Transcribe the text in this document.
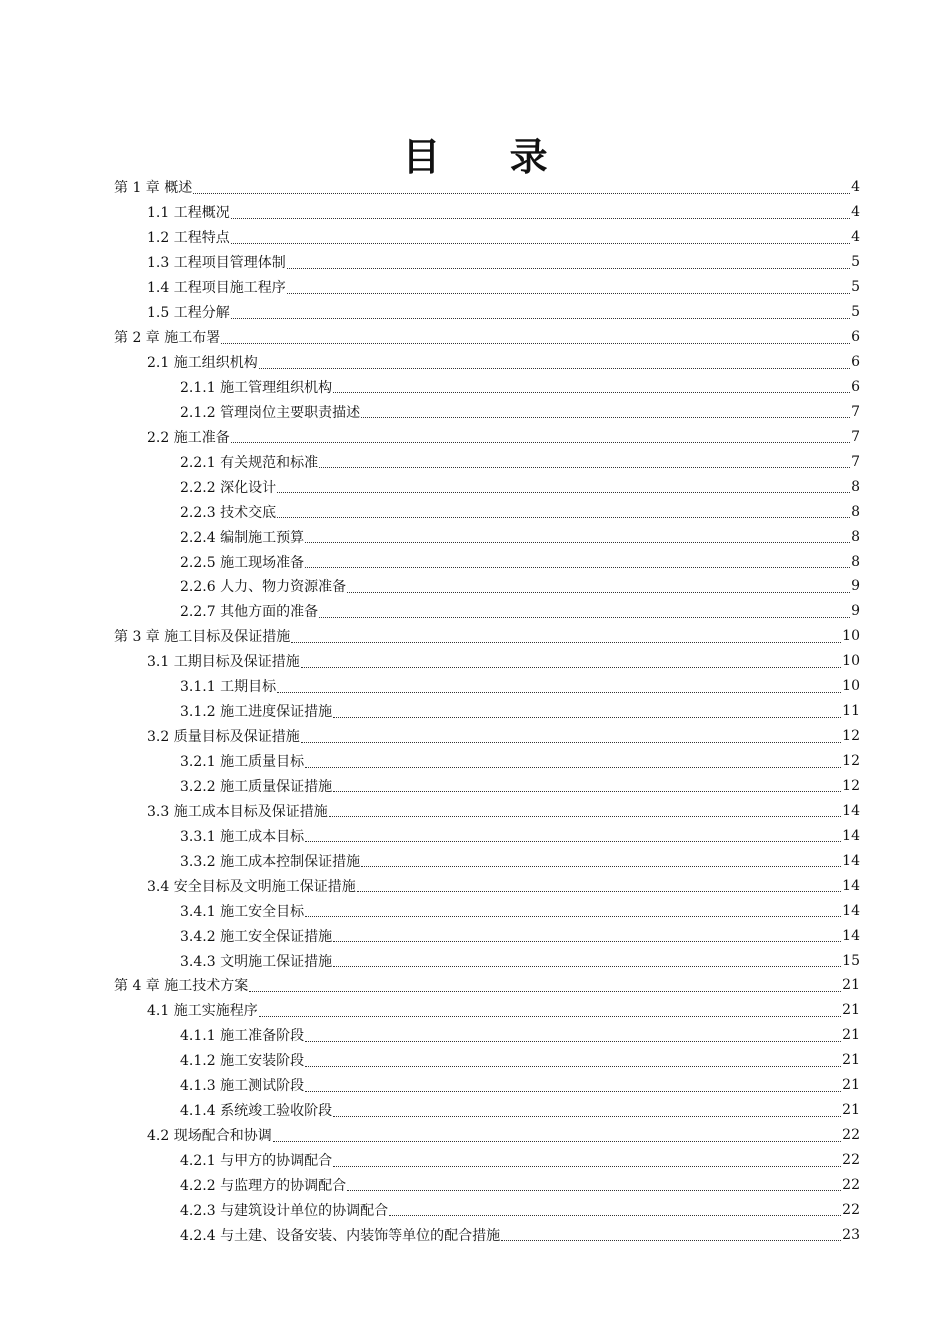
目 录
第 1 章 概述	4
1.1 工程概况	4
1.2 工程特点	4
1.3 工程项目管理体制	5
1.4 工程项目施工程序	5
1.5 工程分解	5
第 2 章 施工布署	6
2.1 施工组织机构	6
2.1.1 施工管理组织机构	6
2.1.2 管理岗位主要职责描述	7
2.2 施工准备	7
2.2.1 有关规范和标准	7
2.2.2 深化设计	8
2.2.3 技术交底	8
2.2.4 编制施工预算	8
2.2.5 施工现场准备	8
2.2.6 人力、物力资源准备	9
2.2.7 其他方面的准备	9
第 3 章 施工目标及保证措施	10
3.1 工期目标及保证措施	10
3.1.1 工期目标	10
3.1.2 施工进度保证措施	11
3.2 质量目标及保证措施	12
3.2.1 施工质量目标	12
3.2.2 施工质量保证措施	12
3.3 施工成本目标及保证措施	14
3.3.1 施工成本目标	14
3.3.2 施工成本控制保证措施	14
3.4 安全目标及文明施工保证措施	14
3.4.1 施工安全目标	14
3.4.2 施工安全保证措施	14
3.4.3 文明施工保证措施	15
第 4 章 施工技术方案	21
4.1 施工实施程序	21
4.1.1 施工准备阶段	21
4.1.2 施工安装阶段	21
4.1.3 施工测试阶段	21
4.1.4 系统竣工验收阶段	21
4.2 现场配合和协调	22
4.2.1 与甲方的协调配合	22
4.2.2 与监理方的协调配合	22
4.2.3 与建筑设计单位的协调配合	22
4.2.4 与土建、设备安装、内装饰等单位的配合措施	23
